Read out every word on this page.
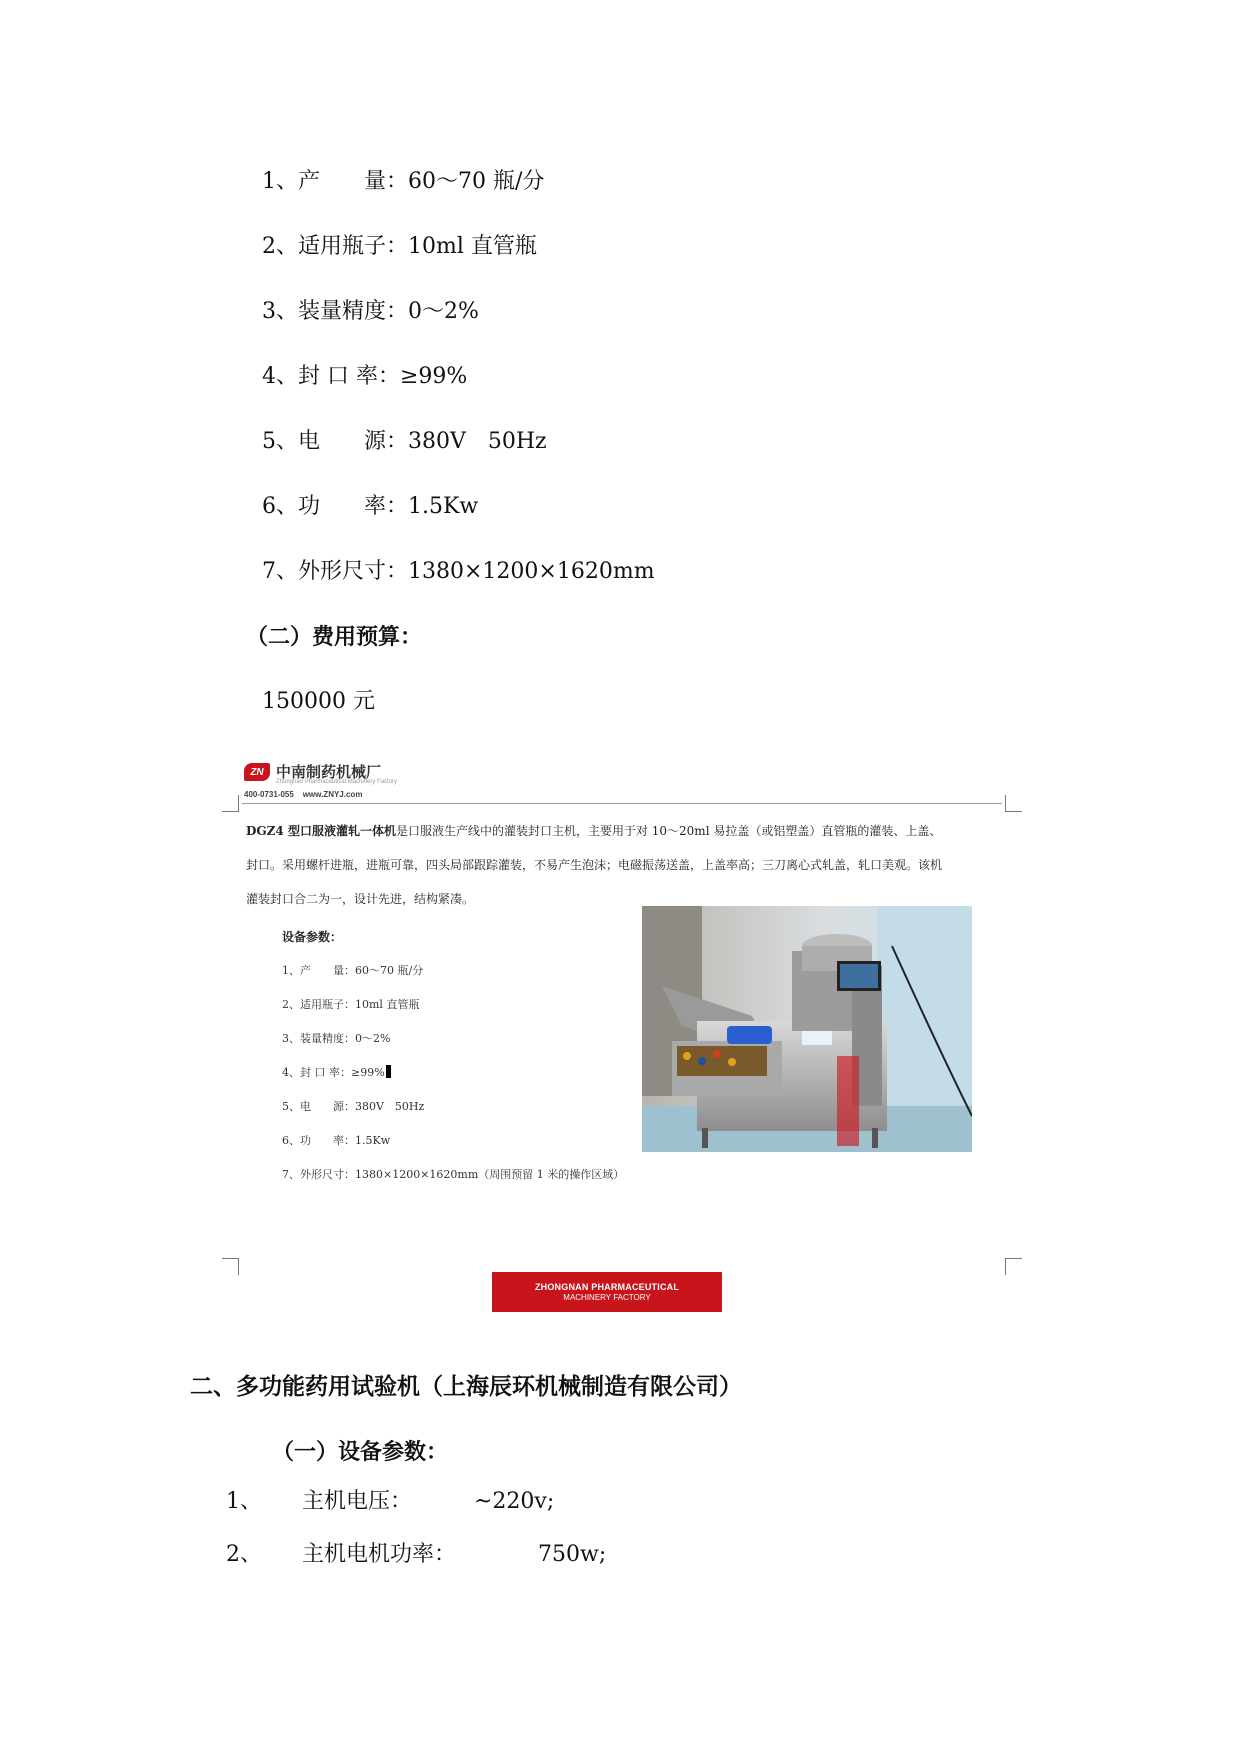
1、产　　量：60～70 瓶/分
2、适用瓶子：10ml 直管瓶
3、装量精度：0～2%
4、封 口 率：≥99%
5、电　　源：380V　50Hz
6、功　　率：1.5Kw
7、外形尺寸：1380×1200×1620mm
（二）费用预算：
150000 元
ZN 中南制药机械厂
Zhongnan Pharmaceutical Machinery Factory
400-0731-055    www.ZNYJ.com
DGZ4 型口服液灌轧一体机是口服液生产线中的灌装封口主机，主要用于对 10～20ml 易拉盖（或铝塑盖）直管瓶的灌装、上盖、
封口。采用螺杆进瓶，进瓶可靠，四头局部跟踪灌装，不易产生泡沫；电磁振荡送盖，上盖率高；三刀离心式轧盖，轧口美观。该机
灌装封口合二为一，设计先进，结构紧凑。
设备参数：
1、产　　量：60～70 瓶/分
2、适用瓶子：10ml 直管瓶
3、装量精度：0～2%
4、封 口 率：≥99%
5、电　　源：380V　50Hz
6、功　　率：1.5Kw
7、外形尺寸：1380×1200×1620mm（周围预留 1 米的操作区域）
ZHONGNAN PHARMACEUTICAL
MACHINERY FACTORY
二、多功能药用试验机（上海辰环机械制造有限公司）
（一）设备参数：
1、 主机电压：	~220v;
2、 主机电机功率：	750w;
